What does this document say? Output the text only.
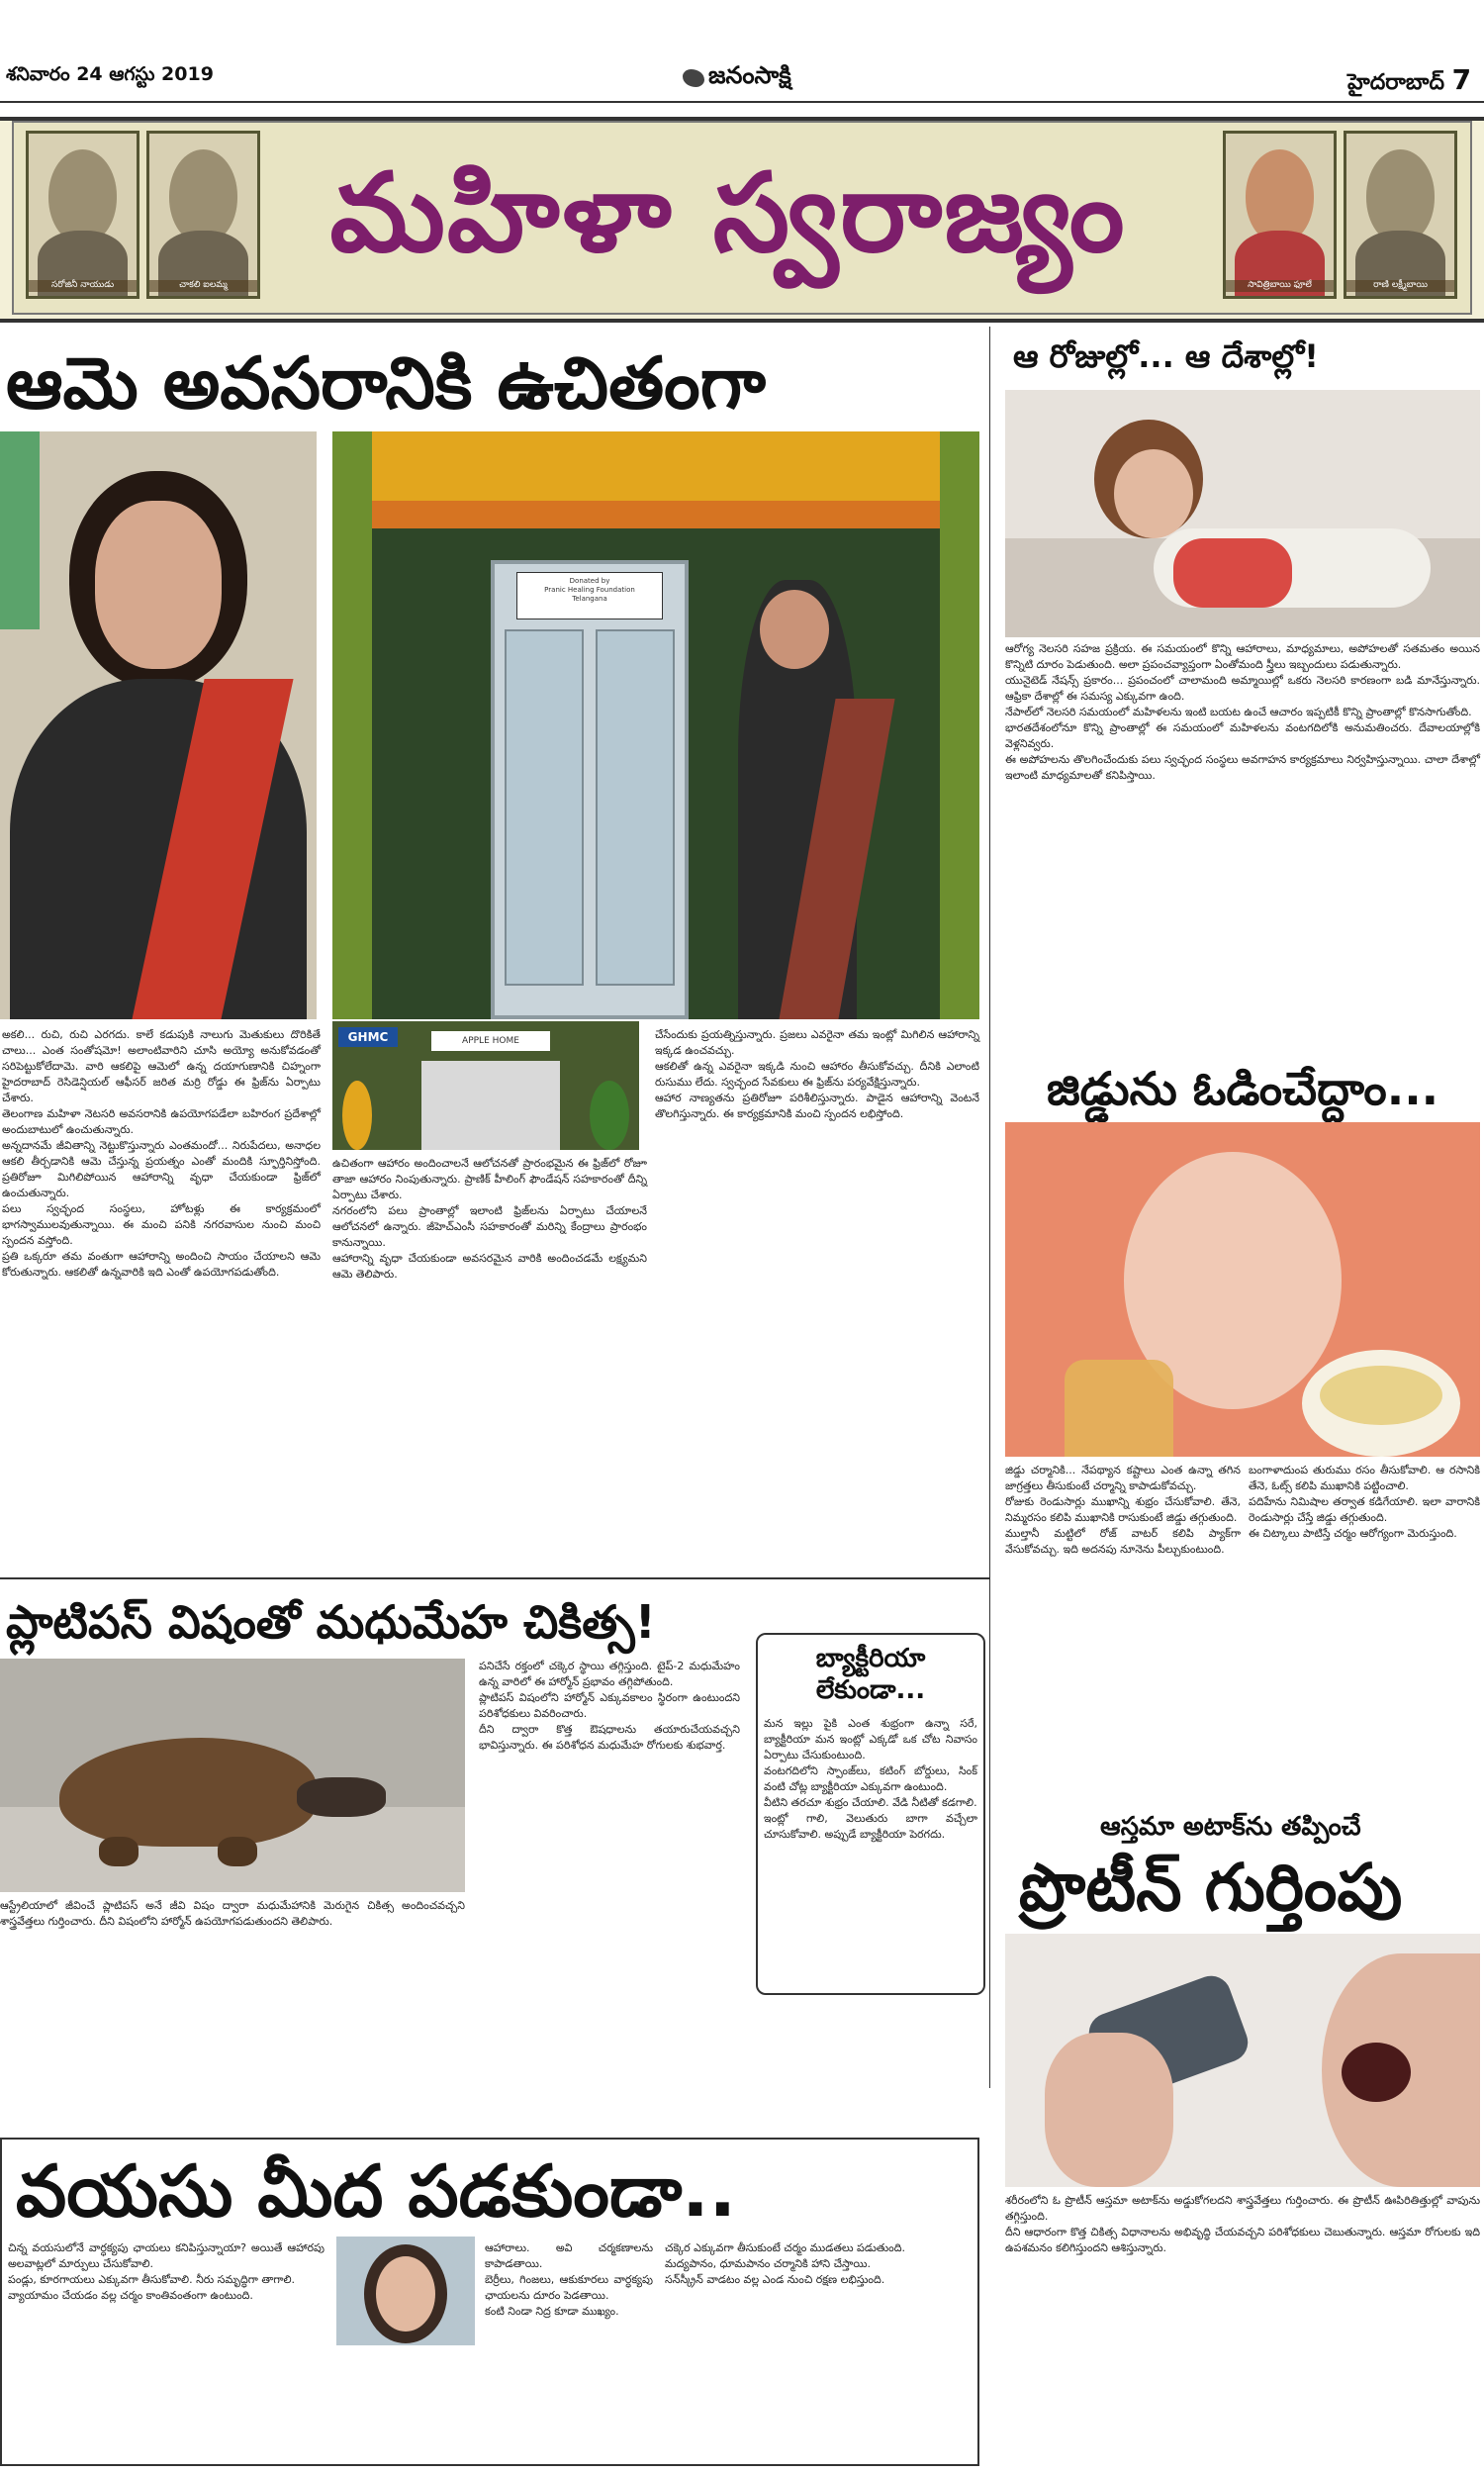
శనివారం 24 ఆగస్టు 2019	జనంసాక్షి	హైదరాబాద్ 7
సరోజినీ నాయుడు	చాకలి ఐలమ్మ
మహిళా స్వరాజ్యం
సావిత్రిబాయి ఫూలే	రాణి లక్ష్మీబాయి
ఆమె అవసరానికి ఉచితంగా
Donated by
Pranic Healing Foundation
Telangana
GHMC	APPLE HOME
అకలి... రుచి, రుచి ఎరగదు. కాలే కడుపుకి నాలుగు మెతుకులు దొరికితే చాలు... ఎంత సంతోషమో! అలాంటివారిని చూసి అయ్యో అనుకోవడంతో సరిపెట్టుకోలేదామె. వారి ఆకలిపై ఆమెలో ఉన్న దయాగుణానికి చిహ్నంగా హైదరాబాద్ రెసిడెన్షియల్ ఆఫీసర్ జరిత మర్రి రోడ్డు ఈ ఫ్రిజ్‌ను ఏర్పాటు చేశారు.
తెలంగాణ మహిళా నెటసరి అవసరానికి ఉపయోగపడేలా బహిరంగ ప్రదేశాల్లో అందుబాటులో ఉంచుతున్నారు.
అన్నదానమే జీవితాన్ని నెట్టుకొస్తున్నారు ఎంతమందో... నిరుపేదలు, అనాధల ఆకలి తీర్చడానికి ఆమె చేస్తున్న ప్రయత్నం ఎంతో మందికి స్ఫూర్తినిస్తోంది. ప్రతిరోజూ మిగిలిపోయిన ఆహారాన్ని వృధా చేయకుండా ఫ్రిజ్‌లో ఉంచుతున్నారు.
పలు స్వచ్ఛంద సంస్థలు, హోటళ్లు ఈ కార్యక్రమంలో భాగస్వాములవుతున్నాయి. ఈ మంచి పనికి నగరవాసుల నుంచి మంచి స్పందన వస్తోంది.
ప్రతి ఒక్కరూ తమ వంతుగా ఆహారాన్ని అందించి సాయం చేయాలని ఆమె కోరుతున్నారు. ఆకలితో ఉన్నవారికి ఇది ఎంతో ఉపయోగపడుతోంది.
ఉచితంగా ఆహారం అందించాలనే ఆలోచనతో ప్రారంభమైన ఈ ఫ్రిజ్‌లో రోజూ తాజా ఆహారం నింపుతున్నారు. ప్రాణిక్ హీలింగ్ ఫౌండేషన్ సహకారంతో దీన్ని ఏర్పాటు చేశారు.
నగరంలోని పలు ప్రాంతాల్లో ఇలాంటి ఫ్రిజ్‌లను ఏర్పాటు చేయాలనే ఆలోచనలో ఉన్నారు. జీహెచ్‌ఎంసీ సహకారంతో మరిన్ని కేంద్రాలు ప్రారంభం కానున్నాయి.
ఆహారాన్ని వృధా చేయకుండా అవసరమైన వారికి అందించడమే లక్ష్యమని ఆమె తెలిపారు.
చేసేందుకు ప్రయత్నిస్తున్నారు. ప్రజలు ఎవరైనా తమ ఇంట్లో మిగిలిన ఆహారాన్ని ఇక్కడ ఉంచవచ్చు.
ఆకలితో ఉన్న ఎవరైనా ఇక్కడి నుంచి ఆహారం తీసుకోవచ్చు. దీనికి ఎలాంటి రుసుము లేదు. స్వచ్ఛంద సేవకులు ఈ ఫ్రిజ్‌ను పర్యవేక్షిస్తున్నారు.
ఆహార నాణ్యతను ప్రతిరోజూ పరిశీలిస్తున్నారు. పాడైన ఆహారాన్ని వెంటనే తొలగిస్తున్నారు. ఈ కార్యక్రమానికి మంచి స్పందన లభిస్తోంది.
ఆ రోజుల్లో... ఆ దేశాల్లో!
ఆరోగ్య నెలసరి సహజ ప్రక్రియ. ఈ సమయంలో కొన్ని ఆహారాలు, మాధ్యమాలు, అపోహలతో సతమతం అయిన కొన్నిటి దూరం పెడుతుంది. అలా ప్రపంచవ్యాప్తంగా ఏంతోమంది స్త్రీలు ఇబ్బందులు పడుతున్నారు.
యునైటెడ్ నేషన్స్ ప్రకారం... ప్రపంచంలో చాలామంది అమ్మాయిల్లో ఒకరు నెలసరి కారణంగా బడి మానేస్తున్నారు. ఆఫ్రికా దేశాల్లో ఈ సమస్య ఎక్కువగా ఉంది.
నేపాల్‌లో నెలసరి సమయంలో మహిళలను ఇంటి బయట ఉంచే ఆచారం ఇప్పటికీ కొన్ని ప్రాంతాల్లో కొనసాగుతోంది.
భారతదేశంలోనూ కొన్ని ప్రాంతాల్లో ఈ సమయంలో మహిళలను వంటగదిలోకి అనుమతించరు. దేవాలయాల్లోకి వెళ్లనివ్వరు.
ఈ అపోహలను తొలగించేందుకు పలు స్వచ్ఛంద సంస్థలు అవగాహన కార్యక్రమాలు నిర్వహిస్తున్నాయి. చాలా దేశాల్లో ఇలాంటి మాధ్యమాలతో కనిపిస్తాయి.
జిడ్డును ఓడించేద్దాం...
జిడ్డు చర్మానికి... నేపథ్యాన కష్టాలు ఎంత ఉన్నా తగిన జాగ్రత్తలు తీసుకుంటే చర్మాన్ని కాపాడుకోవచ్చు.
రోజుకు రెండుసార్లు ముఖాన్ని శుభ్రం చేసుకోవాలి. తేనె, నిమ్మరసం కలిపి ముఖానికి రాసుకుంటే జిడ్డు తగ్గుతుంది.
ముల్తానీ మట్టిలో రోజ్ వాటర్ కలిపి ప్యాక్‌గా వేసుకోవచ్చు. ఇది అదనపు నూనెను పీల్చుకుంటుంది.
బంగాళాదుంప తురుము రసం తీసుకోవాలి. ఆ రసానికి తేనె, ఓట్స్ కలిపి ముఖానికి పట్టించాలి.
పదిహేను నిమిషాల తర్వాత కడిగేయాలి. ఇలా వారానికి రెండుసార్లు చేస్తే జిడ్డు తగ్గుతుంది.
ఈ చిట్కాలు పాటిస్తే చర్మం ఆరోగ్యంగా మెరుస్తుంది.
ప్లాటిపస్ విషంతో మధుమేహ చికిత్స!
ఆస్ట్రేలియాలో జీవించే ప్లాటిపస్ అనే జీవి విషం ద్వారా మధుమేహానికి మెరుగైన చికిత్స అందించవచ్చని శాస్త్రవేత్తలు గుర్తించారు. దీని విషంలోని హార్మోన్ ఉపయోగపడుతుందని తెలిపారు.
పనిచేసే రక్తంలో చక్కెర స్థాయి తగ్గిస్తుంది. టైప్-2 మధుమేహం ఉన్న వారిలో ఈ హార్మోన్ ప్రభావం తగ్గిపోతుంది.
ప్లాటిపస్ విషంలోని హార్మోన్ ఎక్కువకాలం స్థిరంగా ఉంటుందని పరిశోధకులు వివరించారు.
దీని ద్వారా కొత్త ఔషధాలను తయారుచేయవచ్చని భావిస్తున్నారు. ఈ పరిశోధన మధుమేహ రోగులకు శుభవార్త.
బ్యాక్టీరియా లేకుండా...
మన ఇల్లు పైకి ఎంత శుభ్రంగా ఉన్నా సరే, బ్యాక్టీరియా మన ఇంట్లో ఎక్కడో ఒక చోట నివాసం ఏర్పాటు చేసుకుంటుంది.
వంటగదిలోని స్పాంజ్‌లు, కటింగ్ బోర్డులు, సింక్ వంటి చోట్ల బ్యాక్టీరియా ఎక్కువగా ఉంటుంది.
వీటిని తరచూ శుభ్రం చేయాలి. వేడి నీటితో కడగాలి.
ఇంట్లో గాలి, వెలుతురు బాగా వచ్చేలా చూసుకోవాలి. అప్పుడే బ్యాక్టీరియా పెరగదు.	ఆస్తమా అటాక్‌ను తప్పించే
ప్రొటీన్ గుర్తింపు
శరీరంలోని ఓ ప్రొటీన్ ఆస్తమా అటాక్‌ను అడ్డుకోగలదని శాస్త్రవేత్తలు గుర్తించారు. ఈ ప్రొటీన్ ఊపిరితిత్తుల్లో వాపును తగ్గిస్తుంది.
దీని ఆధారంగా కొత్త చికిత్స విధానాలను అభివృద్ధి చేయవచ్చని పరిశోధకులు చెబుతున్నారు. ఆస్తమా రోగులకు ఇది ఉపశమనం కలిగిస్తుందని ఆశిస్తున్నారు.
వయసు మీద పడకుండా..
చిన్న వయసులోనే వార్ధక్యపు ఛాయలు కనిపిస్తున్నాయా? అయితే ఆహారపు అలవాట్లలో మార్పులు చేసుకోవాలి.
పండ్లు, కూరగాయలు ఎక్కువగా తీసుకోవాలి. నీరు సమృద్ధిగా తాగాలి.
వ్యాయామం చేయడం వల్ల చర్మం కాంతివంతంగా ఉంటుంది.
ఆహారాలు. అవి చర్మకణాలను కాపాడతాయి.
బెర్రీలు, గింజలు, ఆకుకూరలు వార్ధక్యపు ఛాయలను దూరం పెడతాయి.
కంటి నిండా నిద్ర కూడా ముఖ్యం.
చక్కెర ఎక్కువగా తీసుకుంటే చర్మం ముడతలు పడుతుంది.
మద్యపానం, ధూమపానం చర్మానికి హాని చేస్తాయి.
సన్‌స్క్రీన్ వాడటం వల్ల ఎండ నుంచి రక్షణ లభిస్తుంది.
